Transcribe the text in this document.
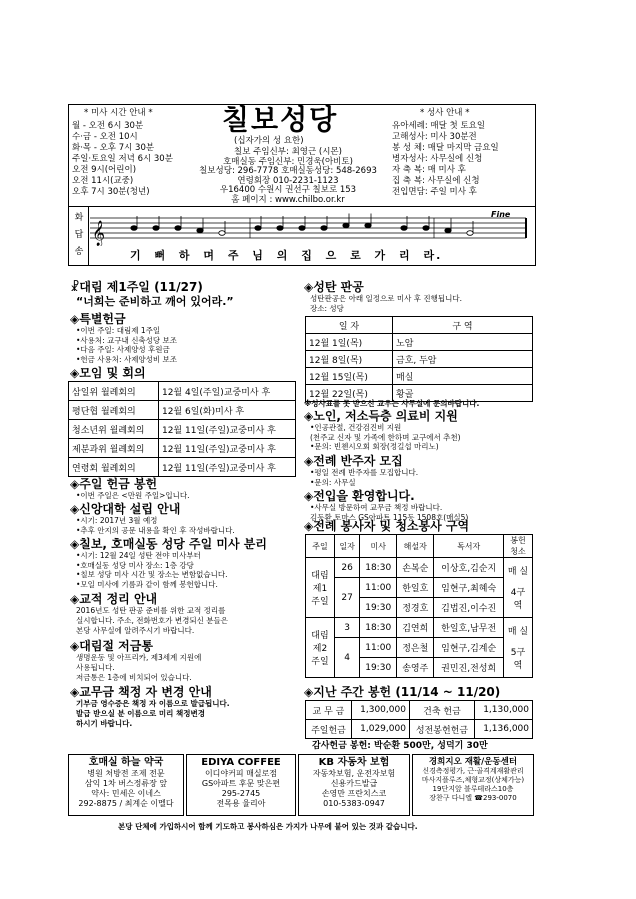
* 미사 시간 안내 *
월 - 오전 6시 30분
수·금 - 오전 10시
화·목 - 오후 7시 30분
주일·토요일 저녁 6시 30분
오전 9시(어린이)
오전 11시(교중)
오후 7시 30분(청년)
칠보성당
(십자가의 성 요한)
칠보 주임신부: 최영근 (시몬)
호매실동 주임신부: 민경욱(아비토)
칠보성당: 296-7778 호매실동성당: 548-2693
연령회장 010-2231-1123
우16400 수원시 권선구 칠보로 153
홈 페이지 : www.chilbo.or.kr
* 성사 안내 *
유아세례: 매달 첫 토요일
고해성사: 미사 30분전
봉 성 체: 매달 마지막 금요일
병자성사: 사무실에 신청
자 축 복: 매 미사 후
집 축 복: 사무실에 신청
전입면담: 주일 미사 후
화
답
송
𝄞
Fine
기 뻐 하 며 주 님 의 집 으 로 가 리 라.
☧대림 제1주일 (11/27)
“너희는 준비하고 깨어 있어라.”
◈특별헌금
•이번 주일: 대림제 1주일
•사용처: 교구내 신축성당 보조
•다음 주일: 사제양성 후원금
•헌금 사용처: 사제양성비 보조
◈모임 및 회의
삼일위 월례회의	12월 4일(주일)교중미사 후
평단협 월례회의	12월 6일(화)미사 후
청소년위 월례회의	12월 11일(주일)교중미사 후
제분과위 월례회의	12월 11일(주일)교중미사 후
연령회 월례회의	12월 11일(주일)교중미사 후
◈주일 헌금 봉헌
•이번 주일은 <만원 주일>입니다.
◈신앙대학 설립 안내
•시기: 2017년 3월 예정
•추후 안지의 공문 내용을 확인 후 작성바랍니다.
◈칠보, 호매실동 성당 주일 미사 분리
•시기: 12월 24일 성탄 전야 미사부터
•호매실동 성당 미사 장소: 1층 강당
•칠보 성당 미사 시간 및 장소는 변함없습니다.
•모일 미사에 기름과 같이 함께 봉헌합니다.
◈교적 정리 안내
2016년도 성탄 판공 준비를 위한 교적 정리를
실시합니다. 주소, 전화번호가 변경되신 분들은
본당 사무실에 알려주시기 바랍니다.
◈대림절 저금통
생명운동 및 아프리카, 제3세계 지원에
사용됩니다.
저금통은 1층에 비치되어 있습니다.
◈교무금 책정 자 변경 안내
기부금 영수증은 책정 자 이름으로 발급됩니다.
발급 받으실 분 이름으로 미리 책정변경
하시기 바랍니다.
◈성탄 판공
성탄판공은 아래 일정으로 미사 후 진행됩니다.
장소: 성당
일 자	구 역
12월 1일(목)	노암
12월 8일(목)	금호, 두암
12월 15일(목)	매실
12월 22일(목)	황골
※성사표를 못 받으신 교우는 사무실에 문의바랍니다.
◈노인, 저소득층 의료비 지원
•인공관절, 건강검진비 지원
(천주교 신자 및 가족에 한하며 교구에서 추천)
•문의: 빈첸시오회 회장(정길섭 마리노)
◈전례 반주자 모집
•평일 전례 반주자를 모집합니다.
•문의: 사무실
◈전입을 환영합니다.
•사무실 방문하여 교무금 책정 바랍니다.
김동환 토마스 GS아파트 115동 1508호(매실5)
◈전례 봉사자 및 청소봉사 구역
주일	일자	미사	해설자	독서자	봉헌 청소
대림 제1 주일	26	18:30	손복순	이상호,김순지	매 실
4구역

	27	11:00	한일호	임현구,최혜숙	
		19:30	정경호	김법진,이수진	
대림 제2 주일	3	18:30	김연희	한일호,남무전	매 실
5구역

	4	11:00	정은철	임현구,김계순	
		19:30	송영주	권민진,전성희	
◈지난 주간 봉헌 (11/14 ~ 11/20)
교 무 금	1,300,000	건축 헌금	1,130,000
주일헌금	1,029,000	성전봉헌헌금	1,136,000
감사헌금 봉헌: 박순환 500만, 성덕기 30만
호매실 하늘 약국
병원 처방전 조제 전문
삼익 1차 버스정류장 앞
약사: 민세은 이네스
292-8875 / 최계순 이멜다
EDIYA COFFEE
이디야커피 매실로점
GS아파트 후문 맞은편
295-2745
전목용 율리아
KB 자동차 보험
자동차보험, 운전자보험
신용카드발급
손영만 프란치스코
010-5383-0947
경희지오 재활/운동센터
신경측정평가, 근·골격계재활관리
마사지플루즈,체형교정(상체가능)
19단지앞 블루테라스10층
장찬구 다니엘 ☎293-0070
본당 단체에 가입하시어 함께 기도하고 봉사하심은 가지가 나무에 붙어 있는 것과 같습니다.
